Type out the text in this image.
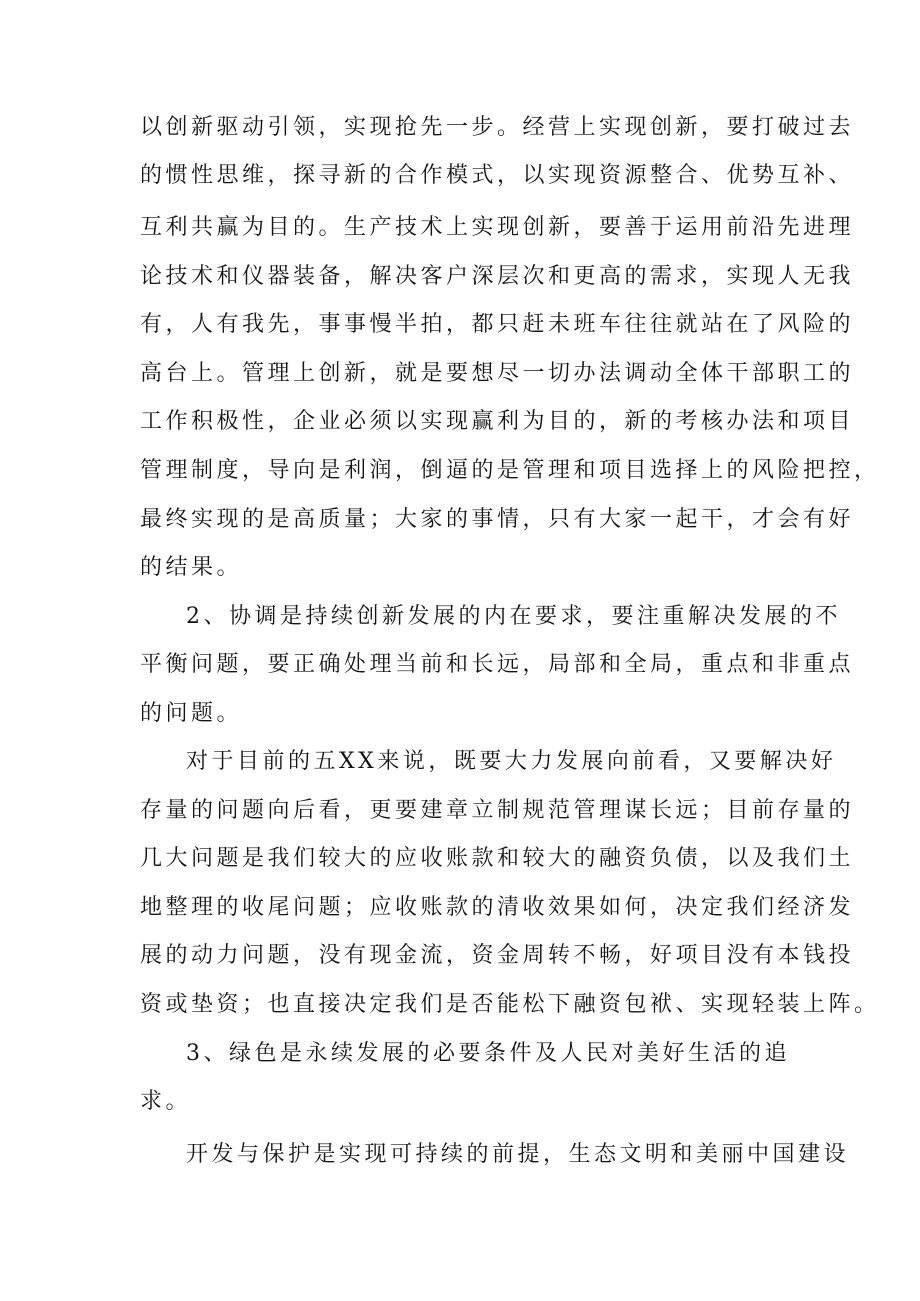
以创新驱动引领，实现抢先一步。经营上实现创新，要打破过去
的惯性思维，探寻新的合作模式，以实现资源整合、优势互补、
互利共赢为目的。生产技术上实现创新，要善于运用前沿先进理
论技术和仪器装备，解决客户深层次和更高的需求，实现人无我
有，人有我先，事事慢半拍，都只赶未班车往往就站在了风险的
高台上。管理上创新，就是要想尽一切办法调动全体干部职工的
工作积极性，企业必须以实现赢利为目的，新的考核办法和项目
管理制度，导向是利润，倒逼的是管理和项目选择上的风险把控，
最终实现的是高质量；大家的事情，只有大家一起干，才会有好
的结果。
2、协调是持续创新发展的内在要求，要注重解决发展的不
平衡问题，要正确处理当前和长远，局部和全局，重点和非重点
的问题。
对于目前的五XX来说，既要大力发展向前看，又要解决好
存量的问题向后看，更要建章立制规范管理谋长远；目前存量的
几大问题是我们较大的应收账款和较大的融资负债，以及我们土
地整理的收尾问题；应收账款的清收效果如何，决定我们经济发
展的动力问题，没有现金流，资金周转不畅，好项目没有本钱投
资或垫资；也直接决定我们是否能松下融资包袱、实现轻装上阵。
3、绿色是永续发展的必要条件及人民对美好生活的追
求。
开发与保护是实现可持续的前提，生态文明和美丽中国建设
